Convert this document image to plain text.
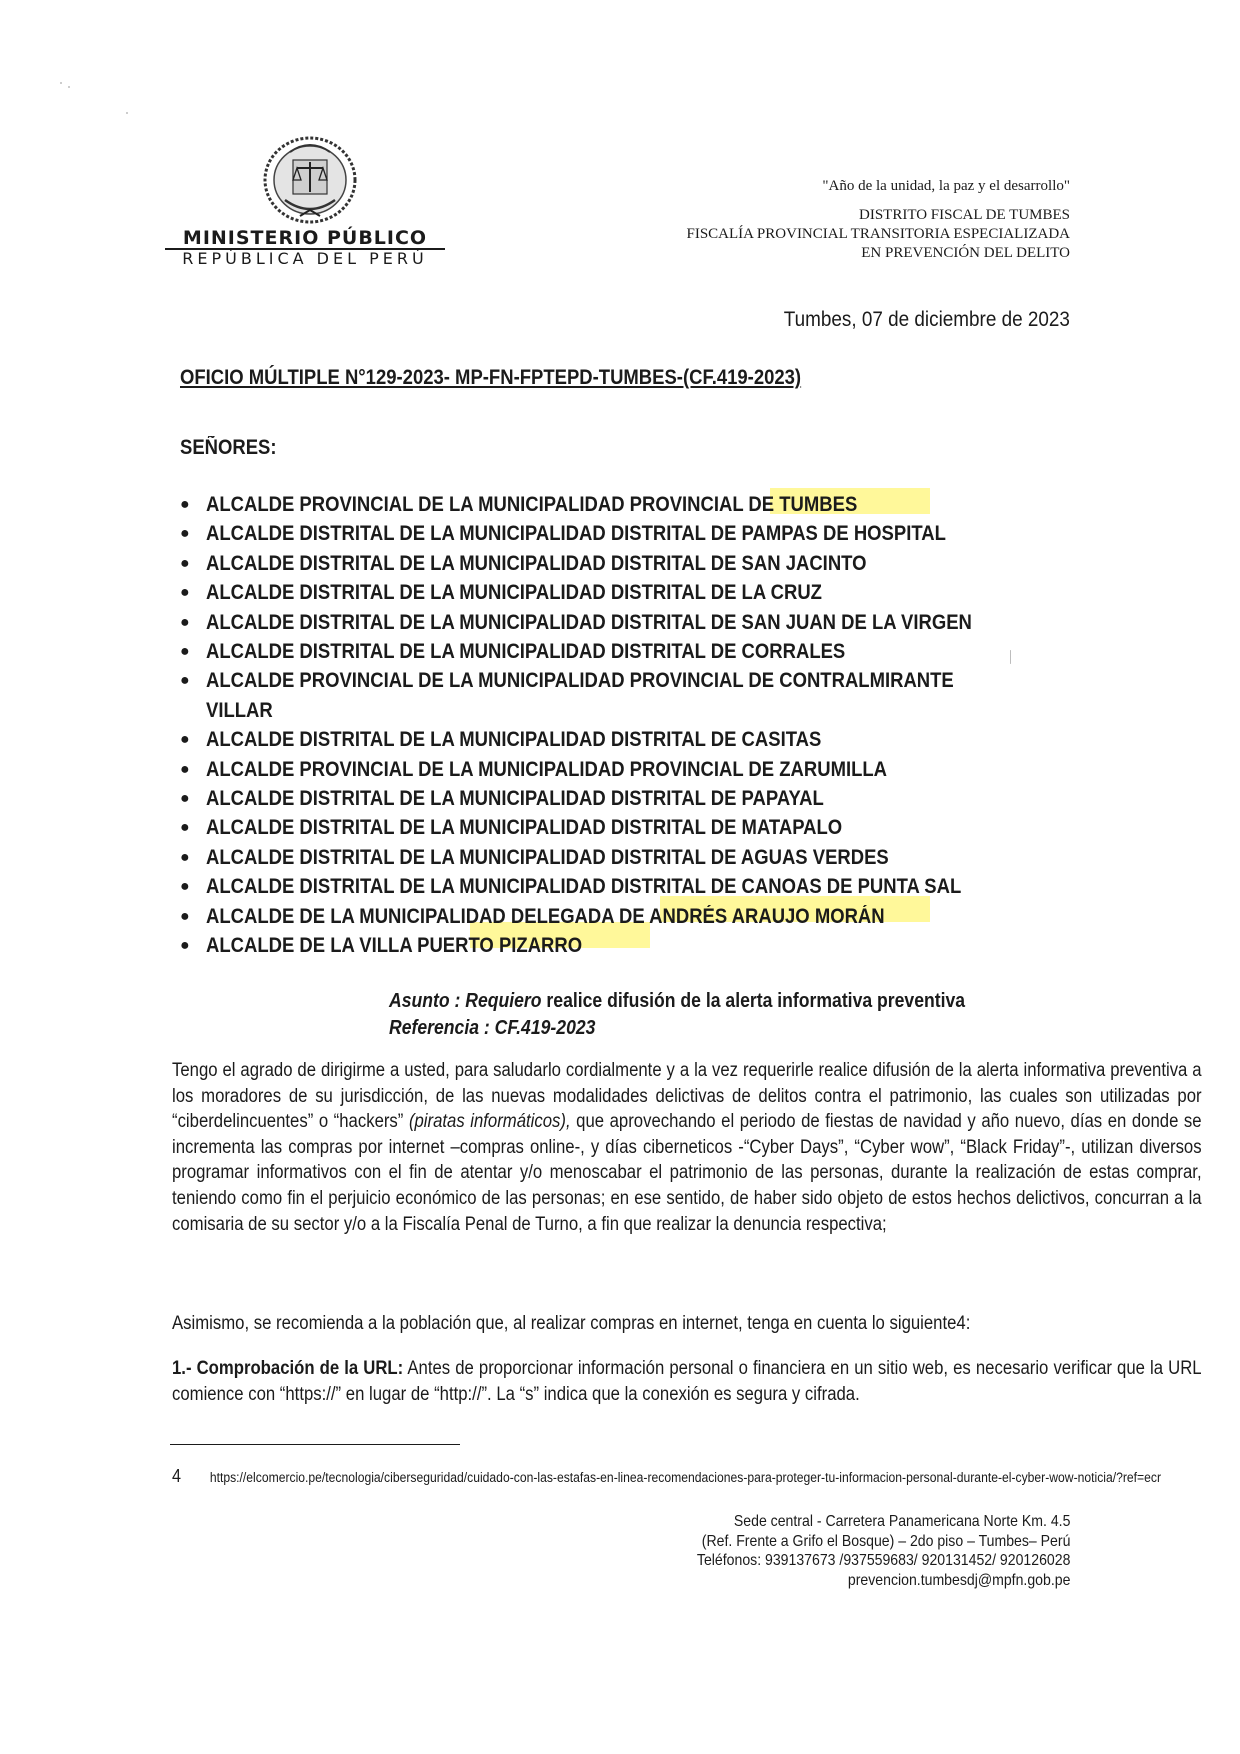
MINISTERIO PÚBLICO
REPÚBLICA DEL PERÚ
"Año de la unidad, la paz y el desarrollo"
DISTRITO FISCAL DE TUMBES
FISCALÍA PROVINCIAL TRANSITORIA ESPECIALIZADA
EN PREVENCIÓN DEL DELITO
Tumbes, 07 de diciembre de 2023
OFICIO MÚLTIPLE N°129-2023- MP-FN-FPTEPD-TUMBES-(CF.419-2023)
SEÑORES:
● ALCALDE PROVINCIAL DE LA MUNICIPALIDAD PROVINCIAL DE TUMBES
● ALCALDE DISTRITAL DE LA MUNICIPALIDAD DISTRITAL DE PAMPAS DE HOSPITAL
● ALCALDE DISTRITAL DE LA MUNICIPALIDAD DISTRITAL DE SAN JACINTO
● ALCALDE DISTRITAL DE LA MUNICIPALIDAD DISTRITAL DE LA CRUZ
● ALCALDE DISTRITAL DE LA MUNICIPALIDAD DISTRITAL DE SAN JUAN DE LA VIRGEN
● ALCALDE DISTRITAL DE LA MUNICIPALIDAD DISTRITAL DE CORRALES
● ALCALDE PROVINCIAL DE LA MUNICIPALIDAD PROVINCIAL DE CONTRALMIRANTE
VILLAR
● ALCALDE DISTRITAL DE LA MUNICIPALIDAD DISTRITAL DE CASITAS
● ALCALDE PROVINCIAL DE LA MUNICIPALIDAD PROVINCIAL DE ZARUMILLA
● ALCALDE DISTRITAL DE LA MUNICIPALIDAD DISTRITAL DE PAPAYAL
● ALCALDE DISTRITAL DE LA MUNICIPALIDAD DISTRITAL DE MATAPALO
● ALCALDE DISTRITAL DE LA MUNICIPALIDAD DISTRITAL DE AGUAS VERDES
● ALCALDE DISTRITAL DE LA MUNICIPALIDAD DISTRITAL DE CANOAS DE PUNTA SAL
● ALCALDE DE LA MUNICIPALIDAD DELEGADA DE ANDRÉS ARAUJO MORÁN
● ALCALDE DE LA VILLA PUERTO PIZARRO
Asunto : Requiero realice difusión de la alerta informativa preventiva
Referencia : CF.419-2023
Tengo el agrado de dirigirme a usted, para saludarlo cordialmente y a la vez requerirle realice difusión de la alerta informativa preventiva a los moradores de su jurisdicción, de las nuevas modalidades delictivas de delitos contra el patrimonio, las cuales son utilizadas por “ciberdelincuentes” o “hackers” (piratas informáticos), que aprovechando el periodo de fiestas de navidad y año nuevo, días en donde se incrementa las compras por internet –compras online-, y días ciberneticos -“Cyber Days”, “Cyber wow”, “Black Friday”-, utilizan diversos programar informativos con el fin de atentar y/o menoscabar el patrimonio de las personas, durante la realización de estas comprar, teniendo como fin el perjuicio económico de las personas; en ese sentido, de haber sido objeto de estos hechos delictivos, concurran a la comisaria de su sector y/o a la Fiscalía Penal de Turno, a fin que realizar la denuncia respectiva;
Asimismo, se recomienda a la población que, al realizar compras en internet, tenga en cuenta lo siguiente4:
1.- Comprobación de la URL: Antes de proporcionar información personal o financiera en un sitio web, es necesario verificar que la URL comience con “https://” en lugar de “http://”. La “s” indica que la conexión es segura y cifrada.
4 https://elcomercio.pe/tecnologia/ciberseguridad/cuidado-con-las-estafas-en-linea-recomendaciones-para-proteger-tu-informacion-personal-durante-el-cyber-wow-noticia/?ref=ecr
Sede central - Carretera Panamericana Norte Km. 4.5
(Ref. Frente a Grifo el Bosque) – 2do piso – Tumbes– Perú
Teléfonos: 939137673 /937559683/ 920131452/ 920126028
prevencion.tumbesdj@mpfn.gob.pe
